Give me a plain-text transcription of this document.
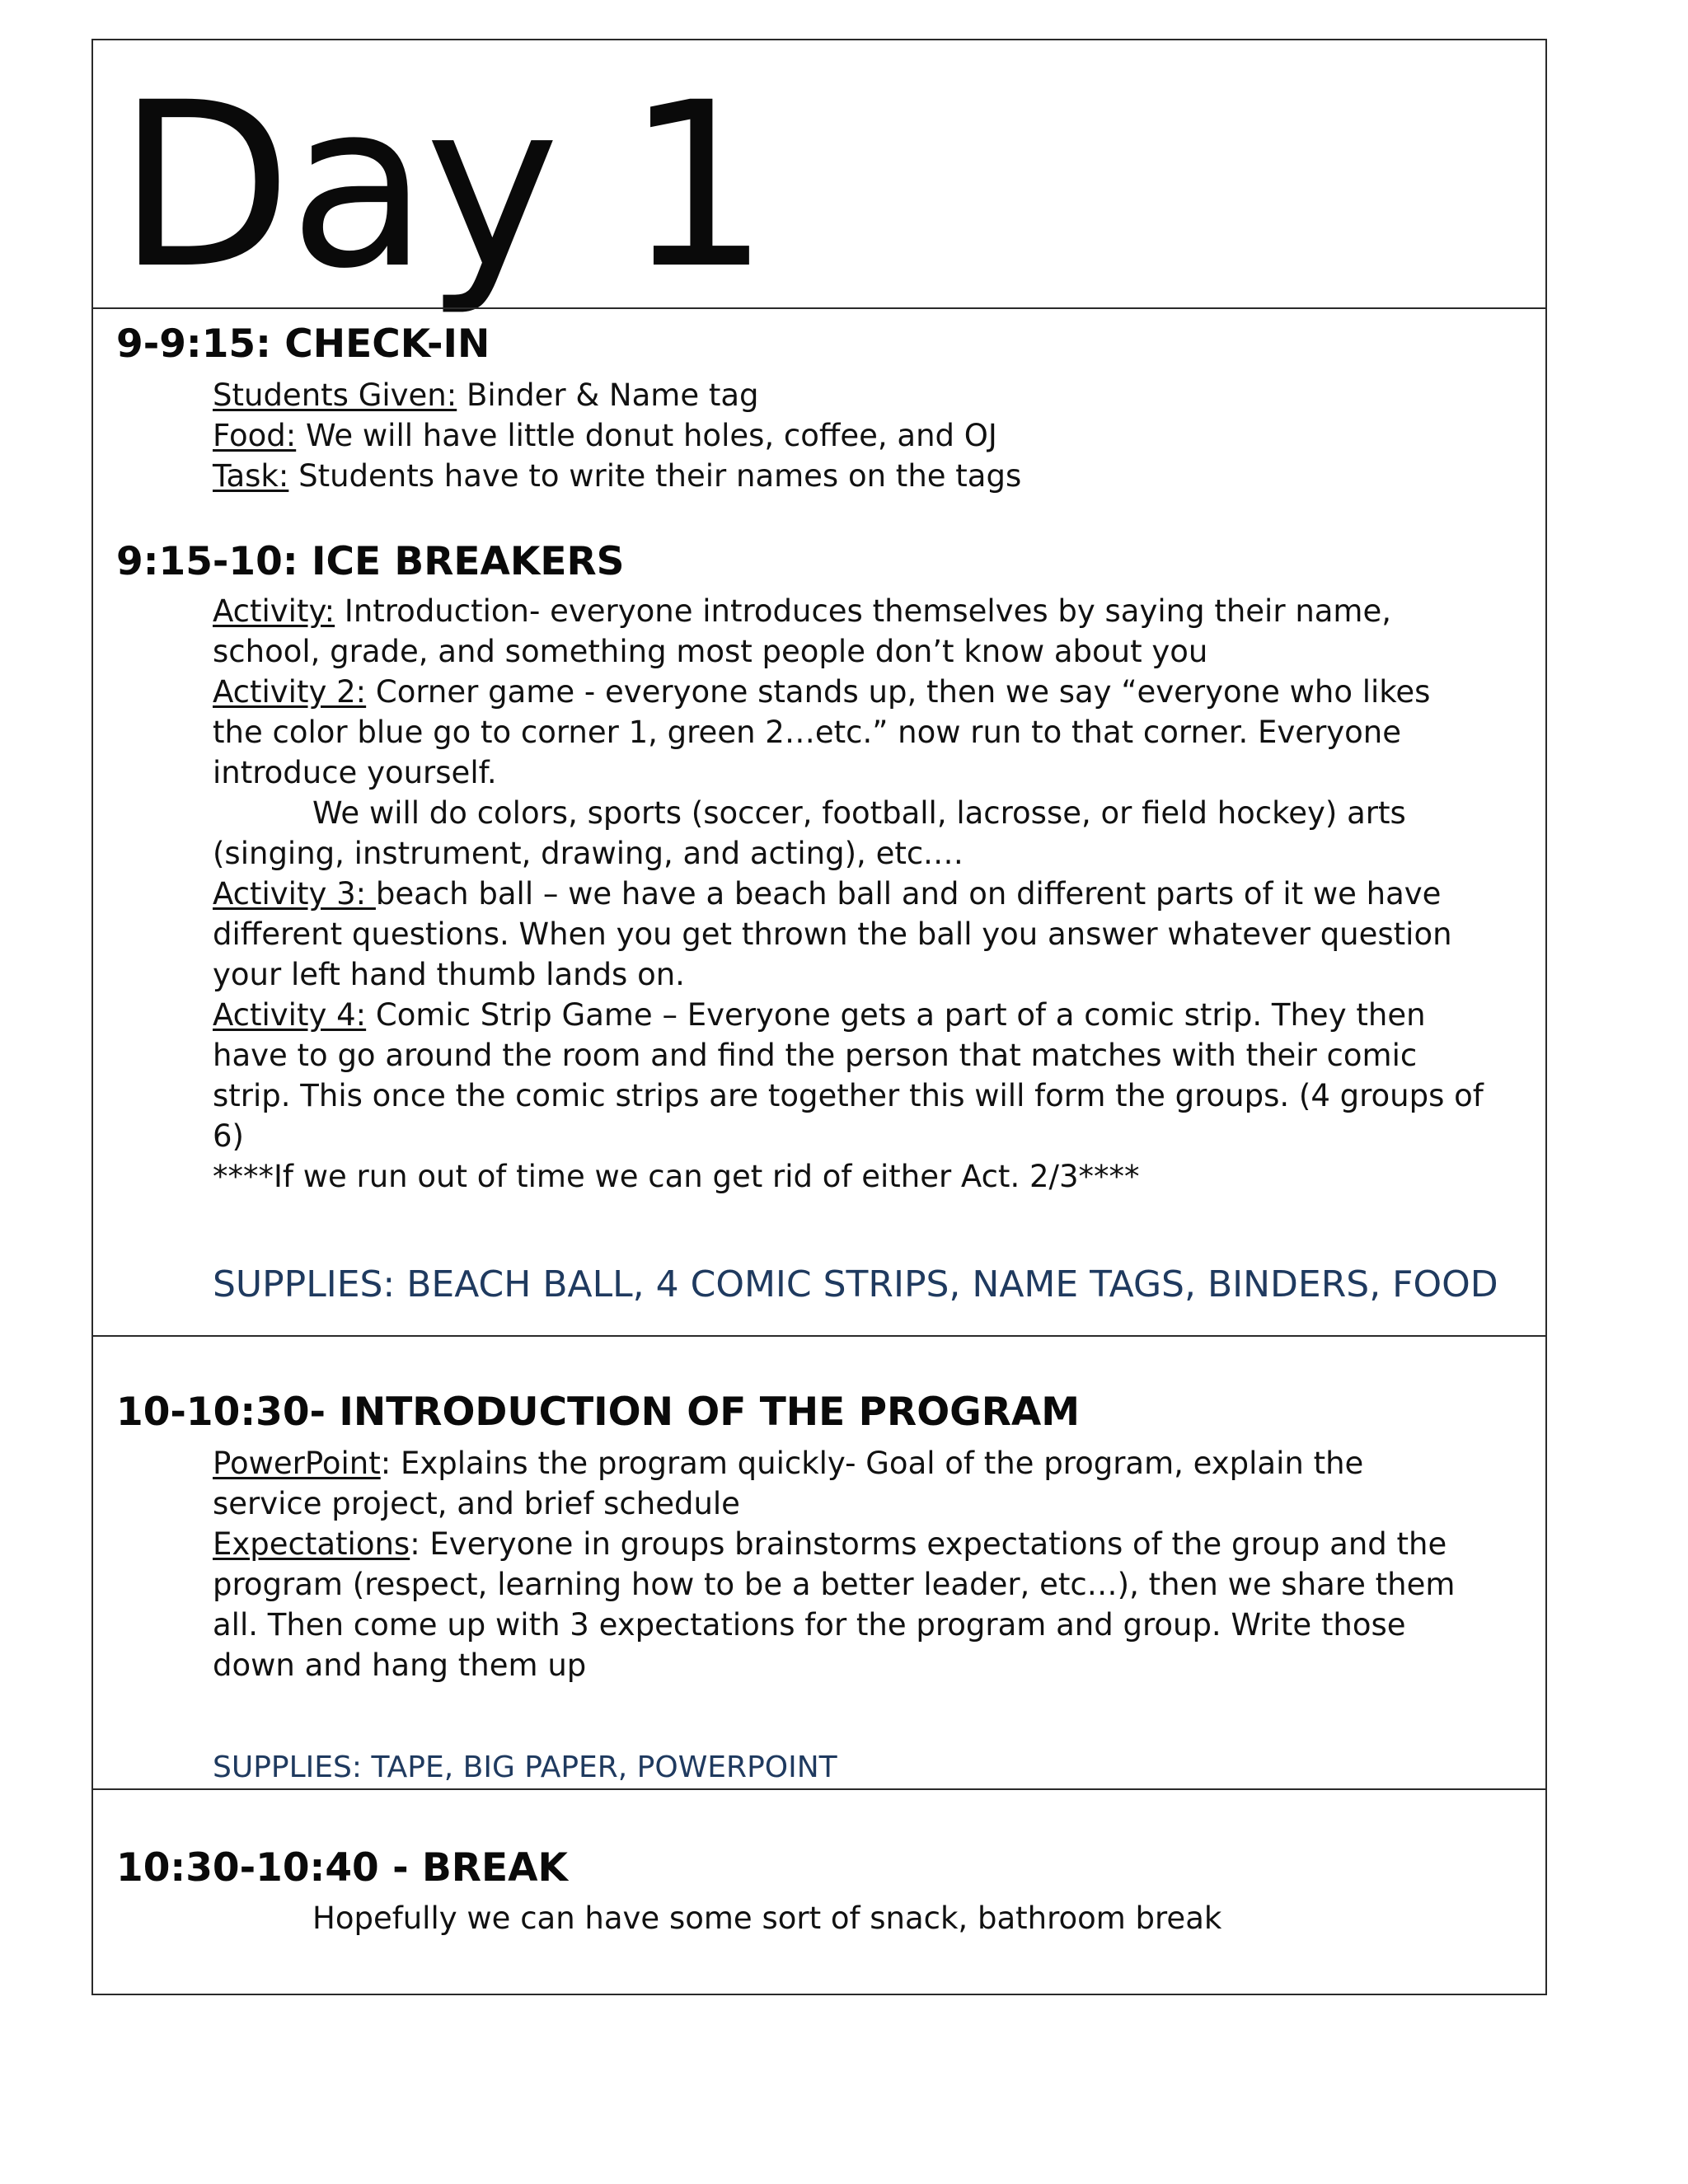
Day 1
9-9:15: CHECK-IN
Students Given: Binder & Name tag
Food: We will have little donut holes, coffee, and OJ
Task: Students have to write their names on the tags
9:15-10: ICE BREAKERS
Activity: Introduction- everyone introduces themselves by saying their name,
school, grade, and something most people don’t know about you
Activity 2: Corner game - everyone stands up, then we say “everyone who likes
the color blue go to corner 1, green 2…etc.” now run to that corner. Everyone
introduce yourself.
We will do colors, sports (soccer, football, lacrosse, or field hockey) arts
(singing, instrument, drawing, and acting), etc.…
Activity 3: beach ball – we have a beach ball and on different parts of it we have
different questions. When you get thrown the ball you answer whatever question
your left hand thumb lands on.
Activity 4: Comic Strip Game – Everyone gets a part of a comic strip. They then
have to go around the room and find the person that matches with their comic
strip. This once the comic strips are together this will form the groups. (4 groups of
6)
****If we run out of time we can get rid of either Act. 2/3****
SUPPLIES: BEACH BALL, 4 COMIC STRIPS, NAME TAGS, BINDERS, FOOD
10-10:30- INTRODUCTION OF THE PROGRAM
PowerPoint: Explains the program quickly- Goal of the program, explain the
service project, and brief schedule
Expectations: Everyone in groups brainstorms expectations of the group and the
program (respect, learning how to be a better leader, etc…), then we share them
all. Then come up with 3 expectations for the program and group. Write those
down and hang them up
SUPPLIES: TAPE, BIG PAPER, POWERPOINT
10:30-10:40 - BREAK
Hopefully we can have some sort of snack, bathroom break
